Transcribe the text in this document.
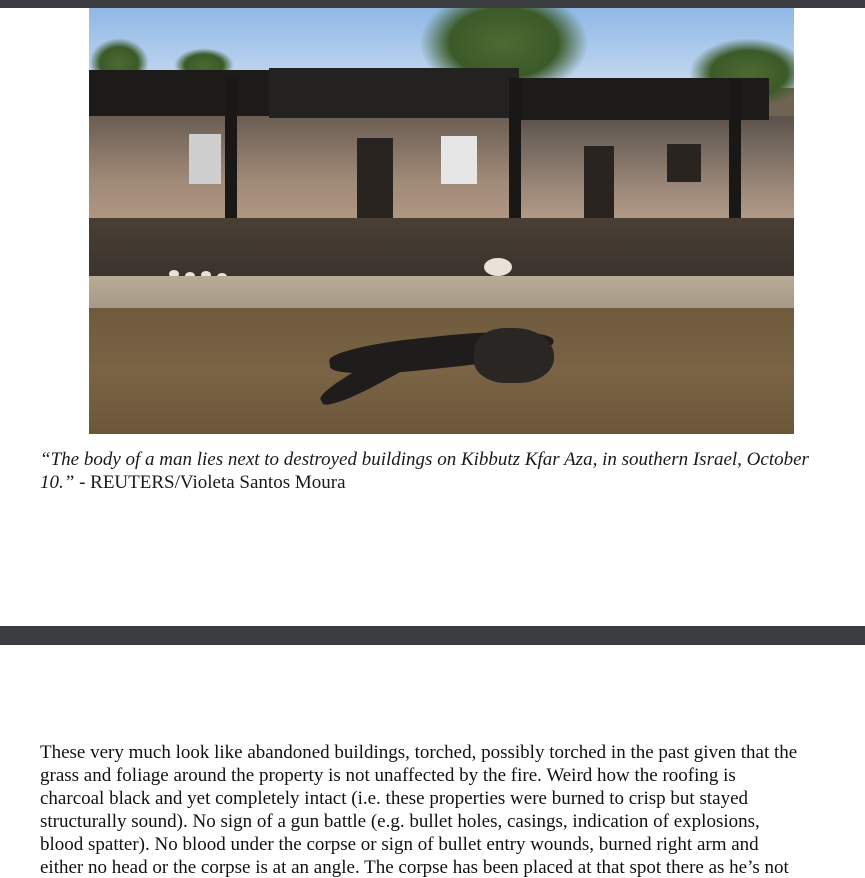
“The body of a man lies next to destroyed buildings on Kibbutz Kfar Aza, in southern Israel, October 10.” - REUTERS/Violeta Santos Moura

These very much look like abandoned buildings, torched, possibly torched in the past given that the
grass and foliage around the property is not unaffected by the fire. Weird how the roofing is
charcoal black and yet completely intact (i.e. these properties were burned to crisp but stayed
structurally sound). No sign of a gun battle (e.g. bullet holes, casings, indication of explosions,
blood spatter). No blood under the corpse or sign of bullet entry wounds, burned right arm and
either no head or the corpse is at an angle. The corpse has been placed at that spot there as he’s not
